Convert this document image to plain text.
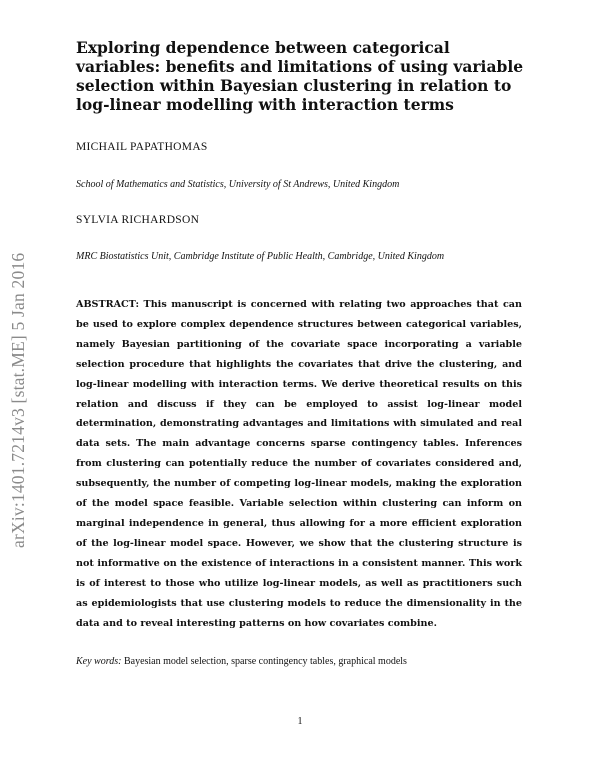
arXiv:1401.7214v3 [stat.ME] 5 Jan 2016
Exploring dependence between categorical variables: benefits and limitations of using variable selection within Bayesian clustering in relation to log-linear modelling with interaction terms
MICHAIL PAPATHOMAS
School of Mathematics and Statistics, University of St Andrews, United Kingdom
SYLVIA RICHARDSON
MRC Biostatistics Unit, Cambridge Institute of Public Health, Cambridge, United Kingdom

ABSTRACT: This manuscript is concerned with relating two approaches that can be used to explore complex dependence structures between categorical variables, namely Bayesian partitioning of the covariate space incorporating a variable selection procedure that highlights the covariates that drive the clustering, and log-linear modelling with interaction terms. We derive theoretical results on this relation and discuss if they can be employed to assist log-linear model determination, demonstrating advantages and limitations with simulated and real data sets. The main advantage concerns sparse contingency tables. Inferences from clustering can potentially reduce the number of covariates considered and, subsequently, the number of competing log-linear models, making the exploration of the model space feasible. Variable selection within clustering can inform on marginal independence in general, thus allowing for a more efficient exploration of the log-linear model space. However, we show that the clustering structure is not informative on the existence of interactions in a consistent manner. This work is of interest to those who utilize log-linear models, as well as practitioners such as epidemiologists that use clustering models to reduce the dimensionality in the data and to reveal interesting patterns on how covariates combine.

Key words: Bayesian model selection, sparse contingency tables, graphical models
1
